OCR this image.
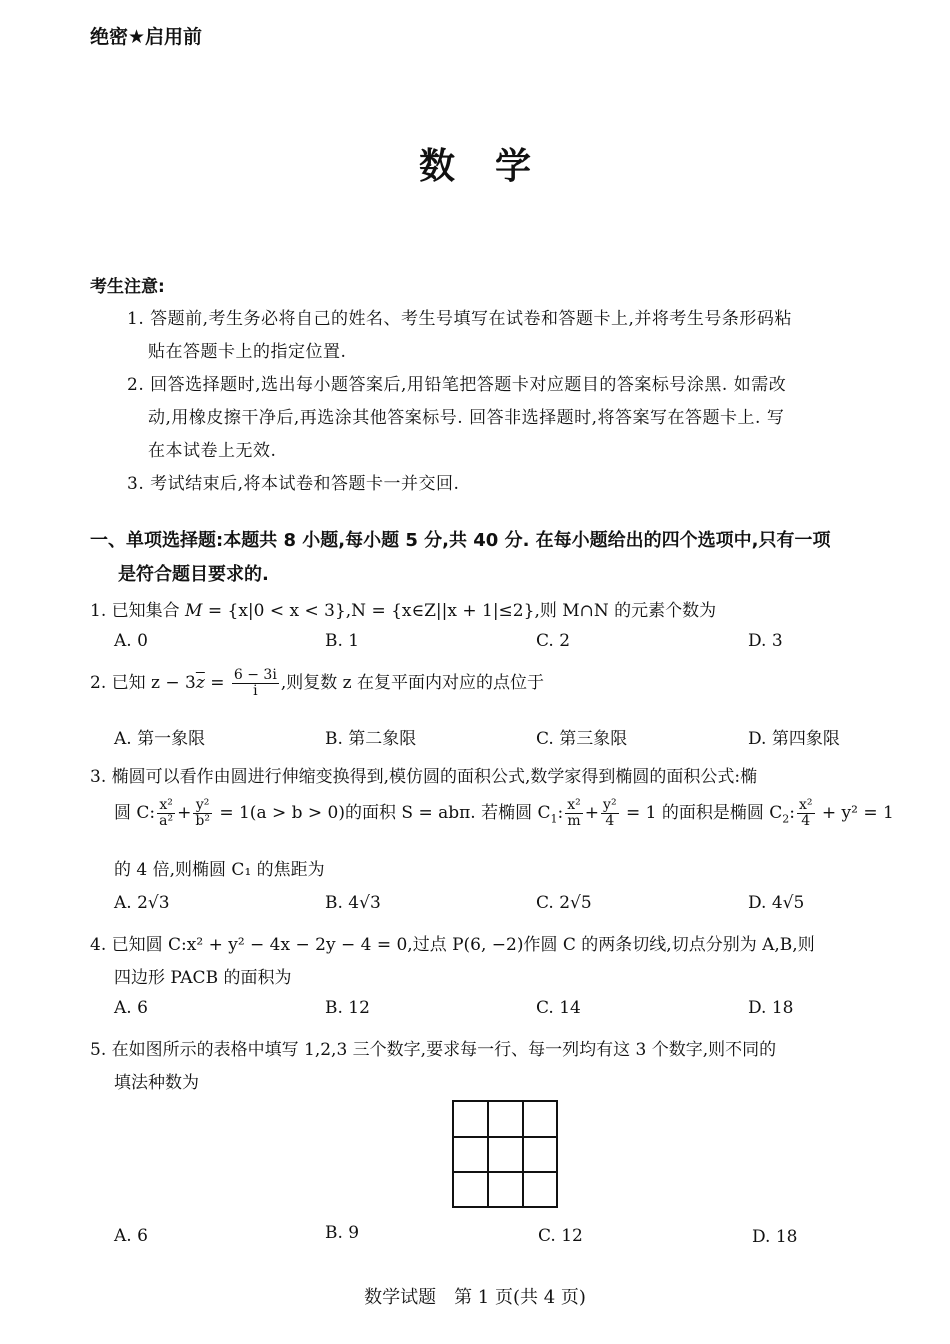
绝密★启用前
数学
考生注意:
1. 答题前,考生务必将自己的姓名、考生号填写在试卷和答题卡上,并将考生号条形码粘
贴在答题卡上的指定位置.
2. 回答选择题时,选出每小题答案后,用铅笔把答题卡对应题目的答案标号涂黑. 如需改
动,用橡皮擦干净后,再选涂其他答案标号. 回答非选择题时,将答案写在答题卡上. 写
在本试卷上无效.
3. 考试结束后,将本试卷和答题卡一并交回.
一、单项选择题:本题共 8 小题,每小题 5 分,共 40 分. 在每小题给出的四个选项中,只有一项
是符合题目要求的.
1. 已知集合 M = {x|0 < x < 3},N = {x∈Z||x + 1|≤2},则 M∩N 的元素个数为
A. 0	B. 1	C. 2	D. 3
2. 已知 $z - 3\overline{z} = \frac{6 - 3i}{i}$ ,则复数 z 在复平面内对应的点位于
A. 第一象限	B. 第二象限	C. 第三象限	D. 第四象限
3. 椭圆可以看作由圆进行伸缩变换得到,模仿圆的面积公式,数学家得到椭圆的面积公式:椭
圆 C: $\frac{\text{x²}}{\text{a²}} + \frac{\text{y²}}{\text{b²}} = 1(a > b > 0)$的面积 S = abπ. 若椭圆 $C_1$: $\frac{\text{x²}}{m} + \frac{\text{y²}}{4} = 1$ 的面积是椭圆 $C_2$: $\frac{\text{x²}}{4} + y^2 = 1$
的 4 倍,则椭圆 C₁ 的焦距为
A. 2√3	B. 4√3	C. 2√5	D. 4√5
4. 已知圆 C:x² + y² − 4x − 2y − 4 = 0,过点 P(6, −2)作圆 C 的两条切线,切点分别为 A,B,则
四边形 PACB 的面积为
A. 6	B. 12	C. 14	D. 18
5. 在如图所示的表格中填写 1,2,3 三个数字,要求每一行、每一列均有这 3 个数字,则不同的
填法种数为
A. 6	B. 9	C. 12	D. 18
数学试题　第 1 页(共 4 页)
